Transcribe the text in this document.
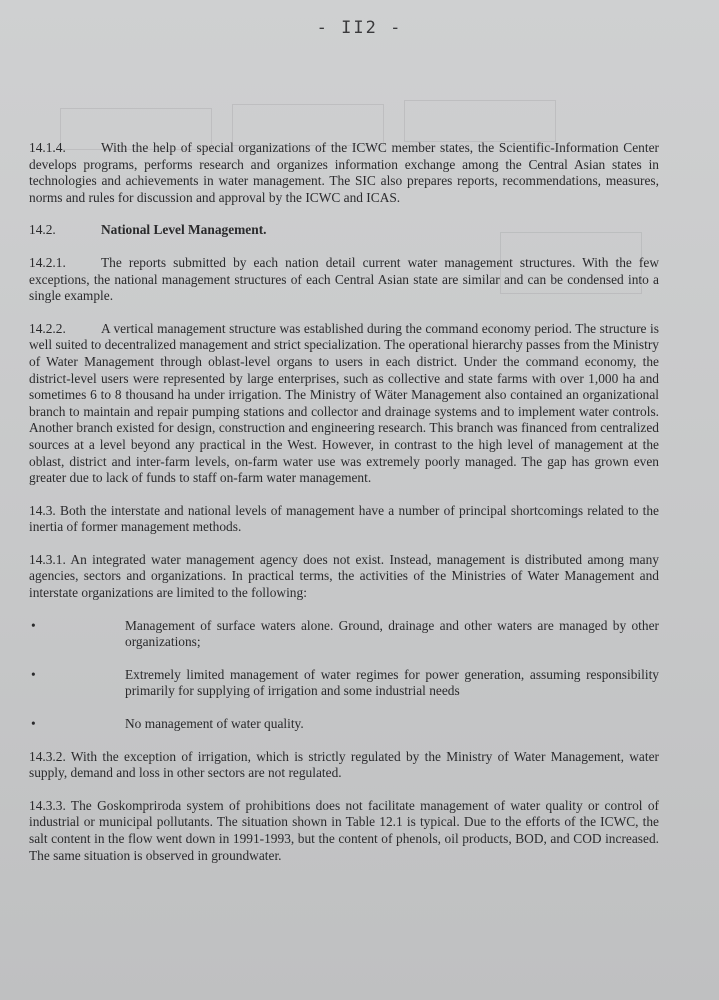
- II2 -

14.1.4.	With the help of special organizations of the ICWC member states, the Scientific-Information Center develops programs, performs research and organizes information exchange among the Central Asian states in technologies and achievements in water management. The SIC also prepares reports, recommendations, measures, norms and rules for discussion and approval by the ICWC and ICAS.

14.2.	National Level Management.

14.2.1.	The reports submitted by each nation detail current water management structures. With the few exceptions, the national management structures of each Central Asian state are similar and can be condensed into a single example.

14.2.2.	A vertical management structure was established during the command economy period. The structure is well suited to decentralized management and strict specialization. The operational hierarchy passes from the Ministry of Water Management through oblast-level organs to users in each district. Under the command economy, the district-level users were represented by large enterprises, such as collective and state farms with over 1,000 ha and sometimes 6 to 8 thousand ha under irrigation. The Ministry of Wäter Management also contained an organizational branch to maintain and repair pumping stations and collector and drainage systems and to implement water controls. Another branch existed for design, construction and engineering research. This branch was financed from centralized sources at a level beyond any practical in the West. However, in contrast to the high level of management at the oblast, district and inter-farm levels, on-farm water use was extremely poorly managed. The gap has grown even greater due to lack of funds to staff on-farm water management.

14.3. Both the interstate and national levels of management have a number of principal shortcomings related to the inertia of former management methods.

14.3.1. An integrated water management agency does not exist. Instead, management is distributed among many agencies, sectors and organizations. In practical terms, the activities of the Ministries of Water Management and interstate organizations are limited to the following:

•	Management of surface waters alone. Ground, drainage and other waters are managed by other organizations;
•	Extremely limited management of water regimes for power generation, assuming responsibility primarily for supplying of irrigation and some industrial needs
•	No management of water quality.

14.3.2. With the exception of irrigation, which is strictly regulated by the Ministry of Water Management, water supply, demand and loss in other sectors are not regulated.

14.3.3. The Goskompriroda system of prohibitions does not facilitate management of water quality or control of industrial or municipal pollutants. The situation shown in Table 12.1 is typical. Due to the efforts of the ICWC, the salt content in the flow went down in 1991-1993, but the content of phenols, oil products, BOD, and COD increased. The same situation is observed in groundwater.
